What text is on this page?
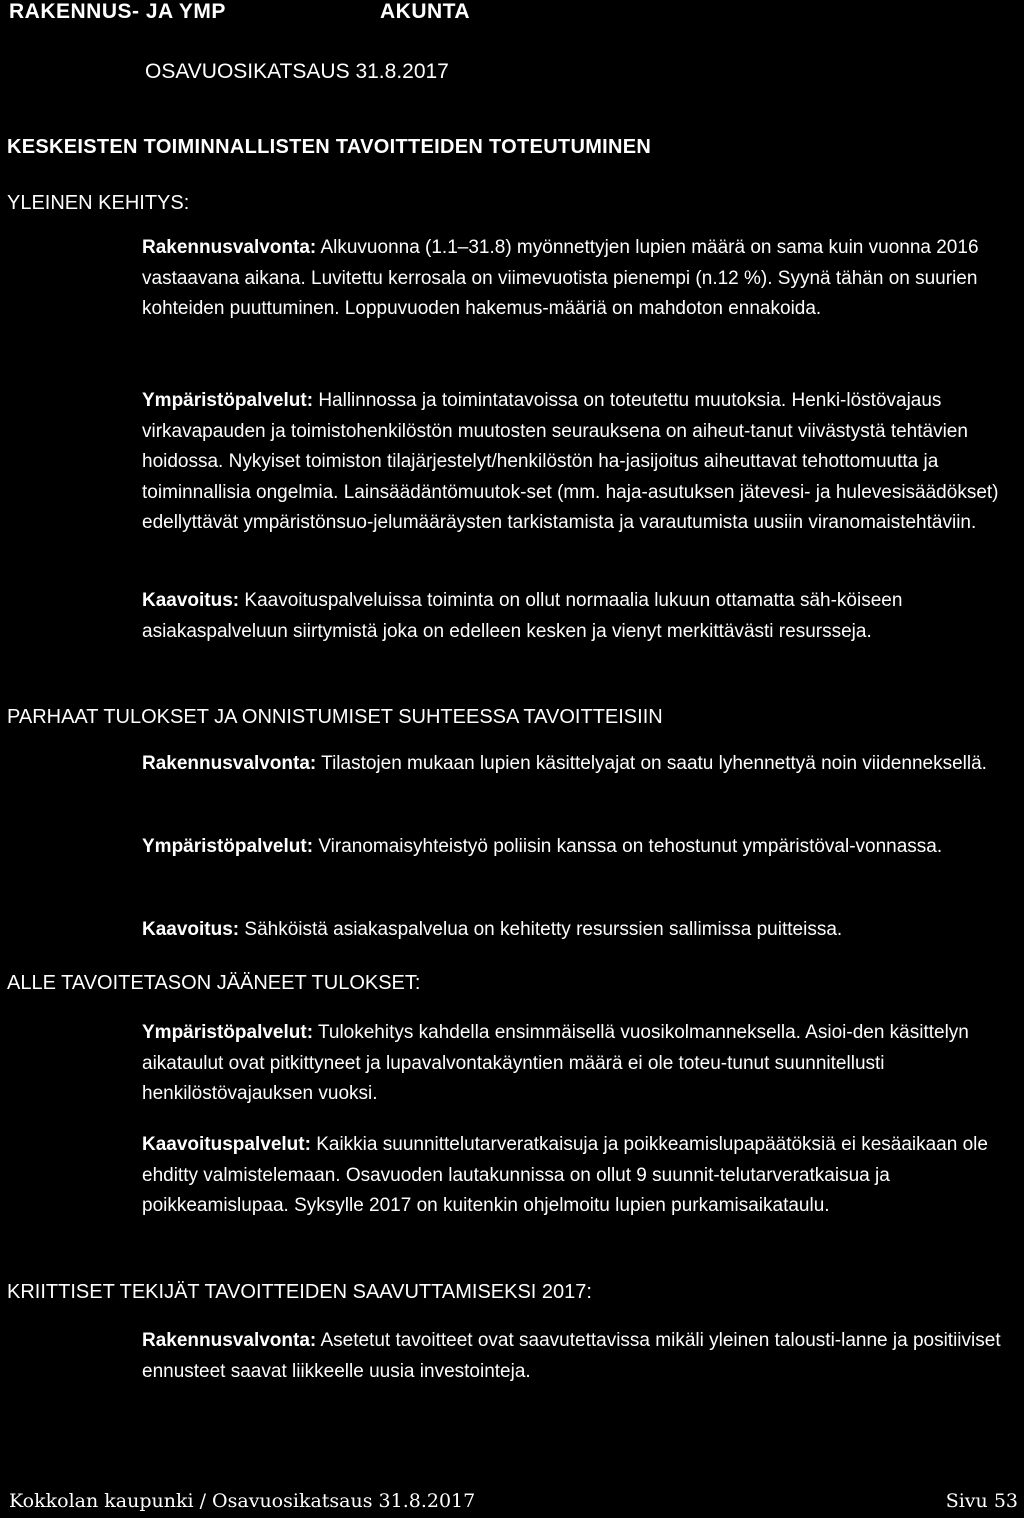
RAKENNUS- JA YMP	AKUNTA
OSAVUOSIKATSAUS 31.8.2017
KESKEISTEN TOIMINNALLISTEN TAVOITTEIDEN TOTEUTUMINEN
YLEINEN KEHITYS:

Rakennusvalvonta: Alkuvuonna (1.1–31.8) myönnettyjen lupien määrä on sama kuin vuonna 2016 vastaavana aikana. Luvitettu kerrosala on viimevuotista pienempi (n.12 %). Syynä tähän on suurien kohteiden puuttuminen. Loppuvuoden hakemus-määriä on mahdoton ennakoida.

Ympäristöpalvelut: Hallinnossa ja toimintatavoissa on toteutettu muutoksia. Henki-löstövajaus virkavapauden ja toimistohenkilöstön muutosten seurauksena on aiheut-tanut viivästystä tehtävien hoidossa. Nykyiset toimiston tilajärjestelyt/henkilöstön ha-jasijoitus aiheuttavat tehottomuutta ja toiminnallisia ongelmia. Lainsäädäntömuutok-set (mm. haja-asutuksen jätevesi- ja hulevesisäädökset) edellyttävät ympäristönsuo-jelumääräysten tarkistamista ja varautumista uusiin viranomaistehtäviin.

Kaavoitus: Kaavoituspalveluissa toiminta on ollut normaalia lukuun ottamatta säh-köiseen asiakaspalveluun siirtymistä joka on edelleen kesken ja vienyt merkittävästi resursseja.

PARHAAT TULOKSET JA ONNISTUMISET SUHTEESSA TAVOITTEISIIN

Rakennusvalvonta: Tilastojen mukaan lupien käsittelyajat on saatu lyhennettyä noin viidenneksellä.

Ympäristöpalvelut: Viranomaisyhteistyö poliisin kanssa on tehostunut ympäristöval-vonnassa.

Kaavoitus: Sähköistä asiakaspalvelua on kehitetty resurssien sallimissa puitteissa.

ALLE TAVOITETASON JÄÄNEET TULOKSET:

Ympäristöpalvelut: Tulokehitys kahdella ensimmäisellä vuosikolmanneksella. Asioi-den käsittelyn aikataulut ovat pitkittyneet ja lupavalvontakäyntien määrä ei ole toteu-tunut suunnitellusti henkilöstövajauksen vuoksi.

Kaavoituspalvelut: Kaikkia suunnittelutarveratkaisuja ja poikkeamislupapäätöksiä ei kesäaikaan ole ehditty valmistelemaan. Osavuoden lautakunnissa on ollut 9 suunnit-telutarveratkaisua ja poikkeamislupaa. Syksylle 2017 on kuitenkin ohjelmoitu lupien purkamisaikataulu.

KRIITTISET TEKIJÄT TAVOITTEIDEN SAAVUTTAMISEKSI 2017:

Rakennusvalvonta: Asetetut tavoitteet ovat saavutettavissa mikäli yleinen talousti-lanne ja positiiviset ennusteet saavat liikkeelle uusia investointeja.

Kokkolan kaupunki / Osavuosikatsaus 31.8.2017	Sivu 53
